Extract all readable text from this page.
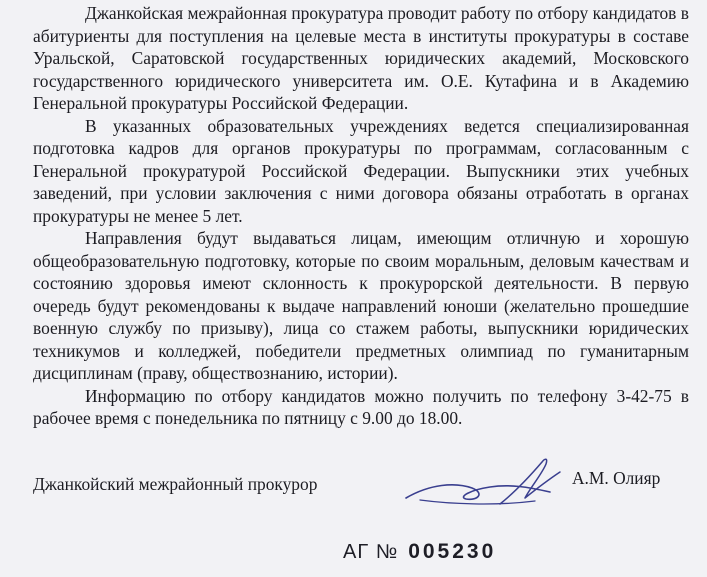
Джанкойская межрайонная прокуратура проводит работу по отбору кандидатов в абитуриенты для поступления на целевые места в институты прокуратуры в составе Уральской, Саратовской государственных юридических академий, Московского государственного юридического университета им. О.Е. Кутафина и в Академию Генеральной прокуратуры Российской Федерации.

В указанных образовательных учреждениях ведется специализированная подготовка кадров для органов прокуратуры по программам, согласованным с Генеральной прокуратурой Российской Федерации. Выпускники этих учебных заведений, при условии заключения с ними договора обязаны отработать в органах прокуратуры не менее 5 лет.

Направления будут выдаваться лицам, имеющим отличную и хорошую общеобразовательную подготовку, которые по своим моральным, деловым качествам и состоянию здоровья имеют склонность к прокурорской деятельности. В первую очередь будут рекомендованы к выдаче направлений юноши (желательно прошедшие военную службу по призыву), лица со стажем работы, выпускники юридических техникумов и колледжей, победители предметных олимпиад по гуманитарным дисциплинам (праву, обществознанию, истории).

Информацию по отбору кандидатов можно получить по телефону 3-42-75 в рабочее время с понедельника по пятницу с 9.00 до 18.00.

Джанкойский межрайонный прокурор	А.М. Олияр
АГ № 005230
